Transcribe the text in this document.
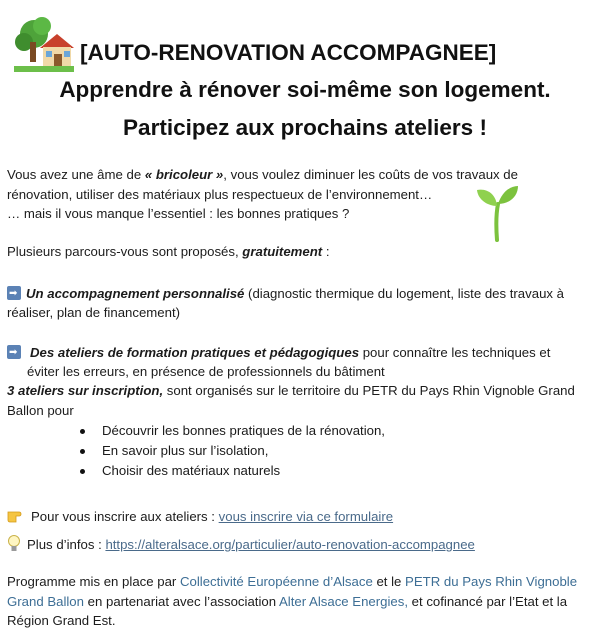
[AUTO-RENOVATION ACCOMPAGNEE]
Apprendre à rénover soi-même son logement.
Participez aux prochains ateliers !
Vous avez une âme de « bricoleur », vous voulez diminuer les coûts de vos travaux de
rénovation, utiliser des matériaux plus respectueux de l’environnement…
… mais il vous manque l’essentiel : les bonnes pratiques ?
Plusieurs parcours-vous sont proposés, gratuitement :
➡Un accompagnement personnalisé (diagnostic thermique du logement, liste des travaux à
réaliser, plan de financement)
➡Des ateliers de formation pratiques et pédagogiques pour connaître les techniques et
éviter les erreurs, en présence de professionnels du bâtiment
3 ateliers sur inscription, sont organisés sur le territoire du PETR du Pays Rhin Vignoble Grand
Ballon pour
Découvrir les bonnes pratiques de la rénovation,
En savoir plus sur l’isolation,
Choisir des matériaux naturels
Pour vous inscrire aux ateliers : vous inscrire via ce formulaire
Plus d’infos : https://alteralsace.org/particulier/auto-renovation-accompagnee
Programme mis en place par Collectivité Européenne d’Alsace et le PETR du Pays Rhin Vignoble
Grand Ballon en partenariat avec l’association Alter Alsace Energies, et cofinancé par l’Etat et la
Région Grand Est.
